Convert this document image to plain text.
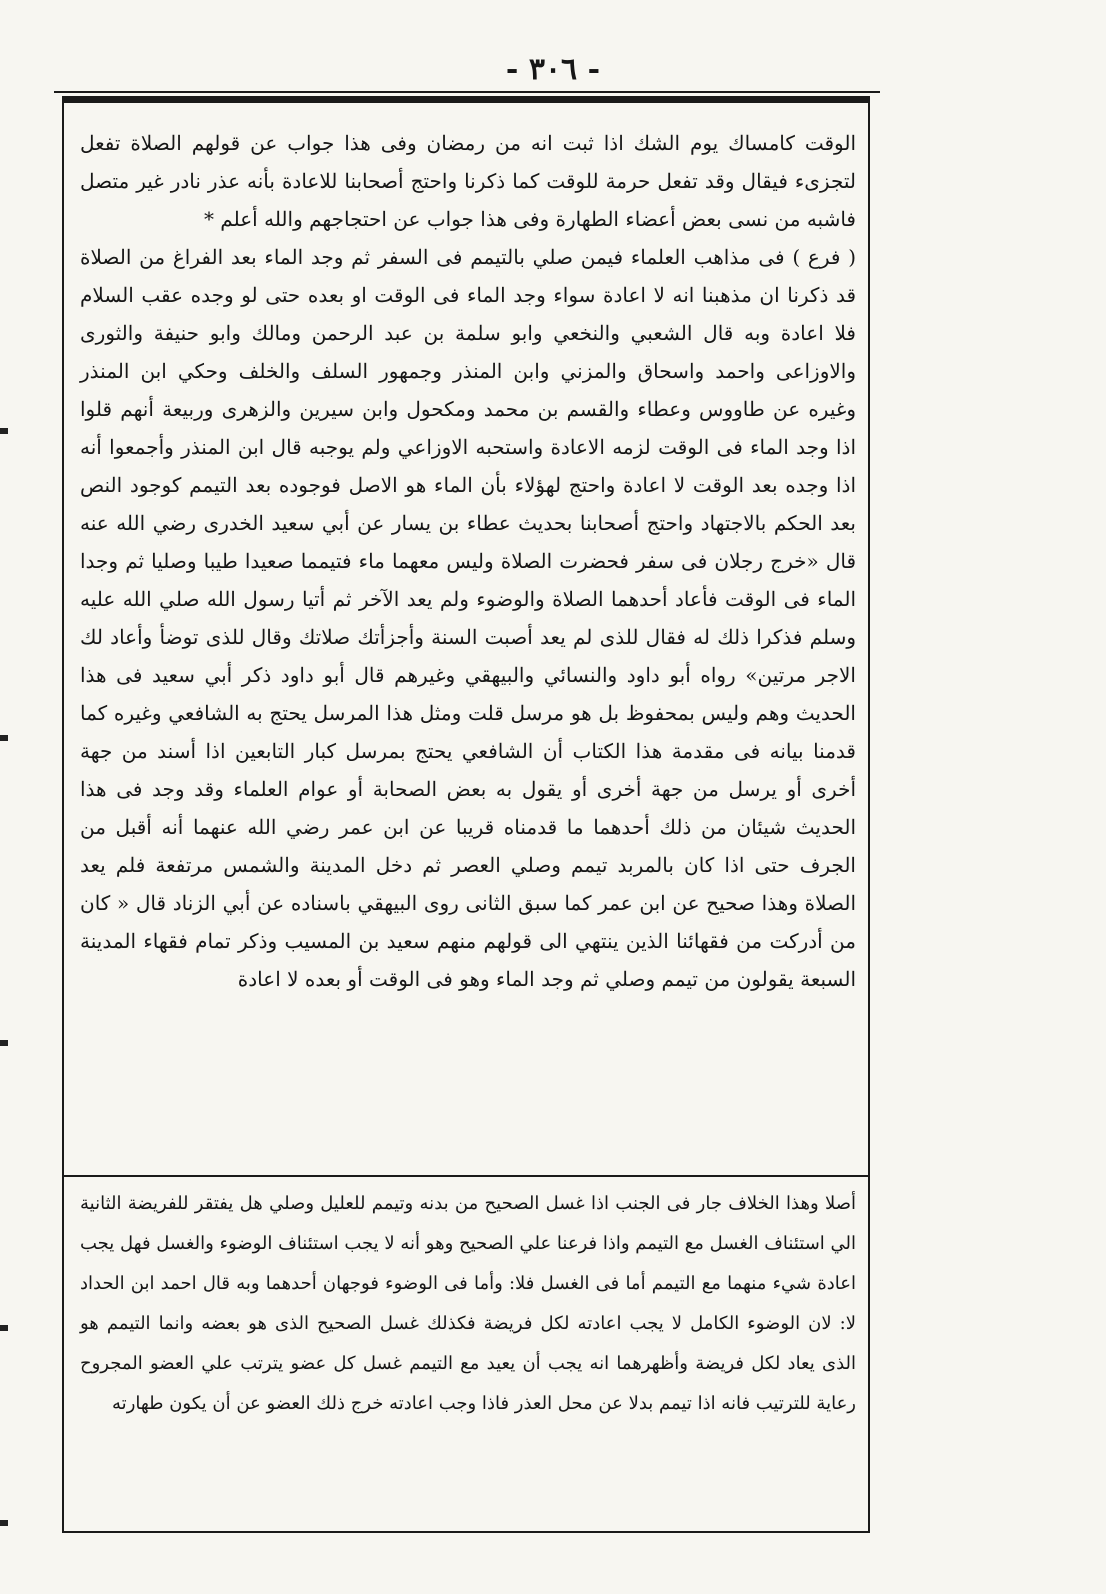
- ٣٠٦ -

الوقت كامساك يوم الشك اذا ثبت انه من رمضان وفى هذا جواب عن قولهم الصلاة تفعل لتجزىء فيقال وقد تفعل حرمة للوقت كما ذكرنا واحتج أصحابنا للاعادة بأنه عذر نادر غير متصل فاشبه من نسى بعض أعضاء الطهارة وفى هذا جواب عن احتجاجهم والله أعلم *

( فرع ) فى مذاهب العلماء فيمن صلي بالتيمم فى السفر ثم وجد الماء بعد الفراغ من الصلاة قد ذكرنا ان مذهبنا انه لا اعادة سواء وجد الماء فى الوقت او بعده حتى لو وجده عقب السلام فلا اعادة وبه قال الشعبي والنخعي وابو سلمة بن عبد الرحمن ومالك وابو حنيفة والثورى والاوزاعى واحمد واسحاق والمزني وابن المنذر وجمهور السلف والخلف وحكي ابن المنذر وغيره عن طاووس وعطاء والقسم بن محمد ومكحول وابن سيرين والزهرى وربيعة أنهم قلوا اذا وجد الماء فى الوقت لزمه الاعادة واستحبه الاوزاعي ولم يوجبه قال ابن المنذر وأجمعوا أنه اذا وجده بعد الوقت لا اعادة واحتج لهؤلاء بأن الماء هو الاصل فوجوده بعد التيمم كوجود النص بعد الحكم بالاجتهاد واحتج أصحابنا بحديث عطاء بن يسار عن أبي سعيد الخدرى رضي الله عنه قال «خرج رجلان فى سفر فحضرت الصلاة وليس معهما ماء فتيمما صعيدا طيبا وصليا ثم وجدا الماء فى الوقت فأعاد أحدهما الصلاة والوضوء ولم يعد الآخر ثم أتيا رسول الله صلي الله عليه وسلم فذكرا ذلك له فقال للذى لم يعد أصبت السنة وأجزأتك صلاتك وقال للذى توضأ وأعاد لك الاجر مرتين» رواه أبو داود والنسائي والبيهقي وغيرهم قال أبو داود ذكر أبي سعيد فى هذا الحديث وهم وليس بمحفوظ بل هو مرسل قلت ومثل هذا المرسل يحتج به الشافعي وغيره كما قدمنا بيانه فى مقدمة هذا الكتاب أن الشافعي يحتج بمرسل كبار التابعين اذا أسند من جهة أخرى أو يرسل من جهة أخرى أو يقول به بعض الصحابة أو عوام العلماء وقد وجد فى هذا الحديث شيئان من ذلك أحدهما ما قدمناه قريبا عن ابن عمر رضي الله عنهما أنه أقبل من الجرف حتى اذا كان بالمربد تيمم وصلي العصر ثم دخل المدينة والشمس مرتفعة فلم يعد الصلاة وهذا صحيح عن ابن عمر كما سبق الثانى روى البيهقي باسناده عن أبي الزناد قال « كان من أدركت من فقهائنا الذين ينتهي الى قولهم منهم سعيد بن المسيب وذكر تمام فقهاء المدينة السبعة يقولون من تيمم وصلي ثم وجد الماء وهو فى الوقت أو بعده لا اعادة

أصلا وهذا الخلاف جار فى الجنب اذا غسل الصحيح من بدنه وتيمم للعليل وصلي هل يفتقر للفريضة الثانية الي استئناف الغسل مع التيمم واذا فرعنا علي الصحيح وهو أنه لا يجب استئناف الوضوء والغسل فهل يجب اعادة شيء منهما مع التيمم أما فى الغسل فلا: وأما فى الوضوء فوجهان أحدهما وبه قال احمد ابن الحداد لا: لان الوضوء الكامل لا يجب اعادته لكل فريضة فكذلك غسل الصحيح الذى هو بعضه وانما التيمم هو الذى يعاد لكل فريضة وأظهرهما انه يجب أن يعيد مع التيمم غسل كل عضو يترتب علي العضو المجروح رعاية للترتيب فانه اذا تيمم بدلا عن محل العذر فاذا وجب اعادته خرج ذلك العضو عن أن يكون طهارته
